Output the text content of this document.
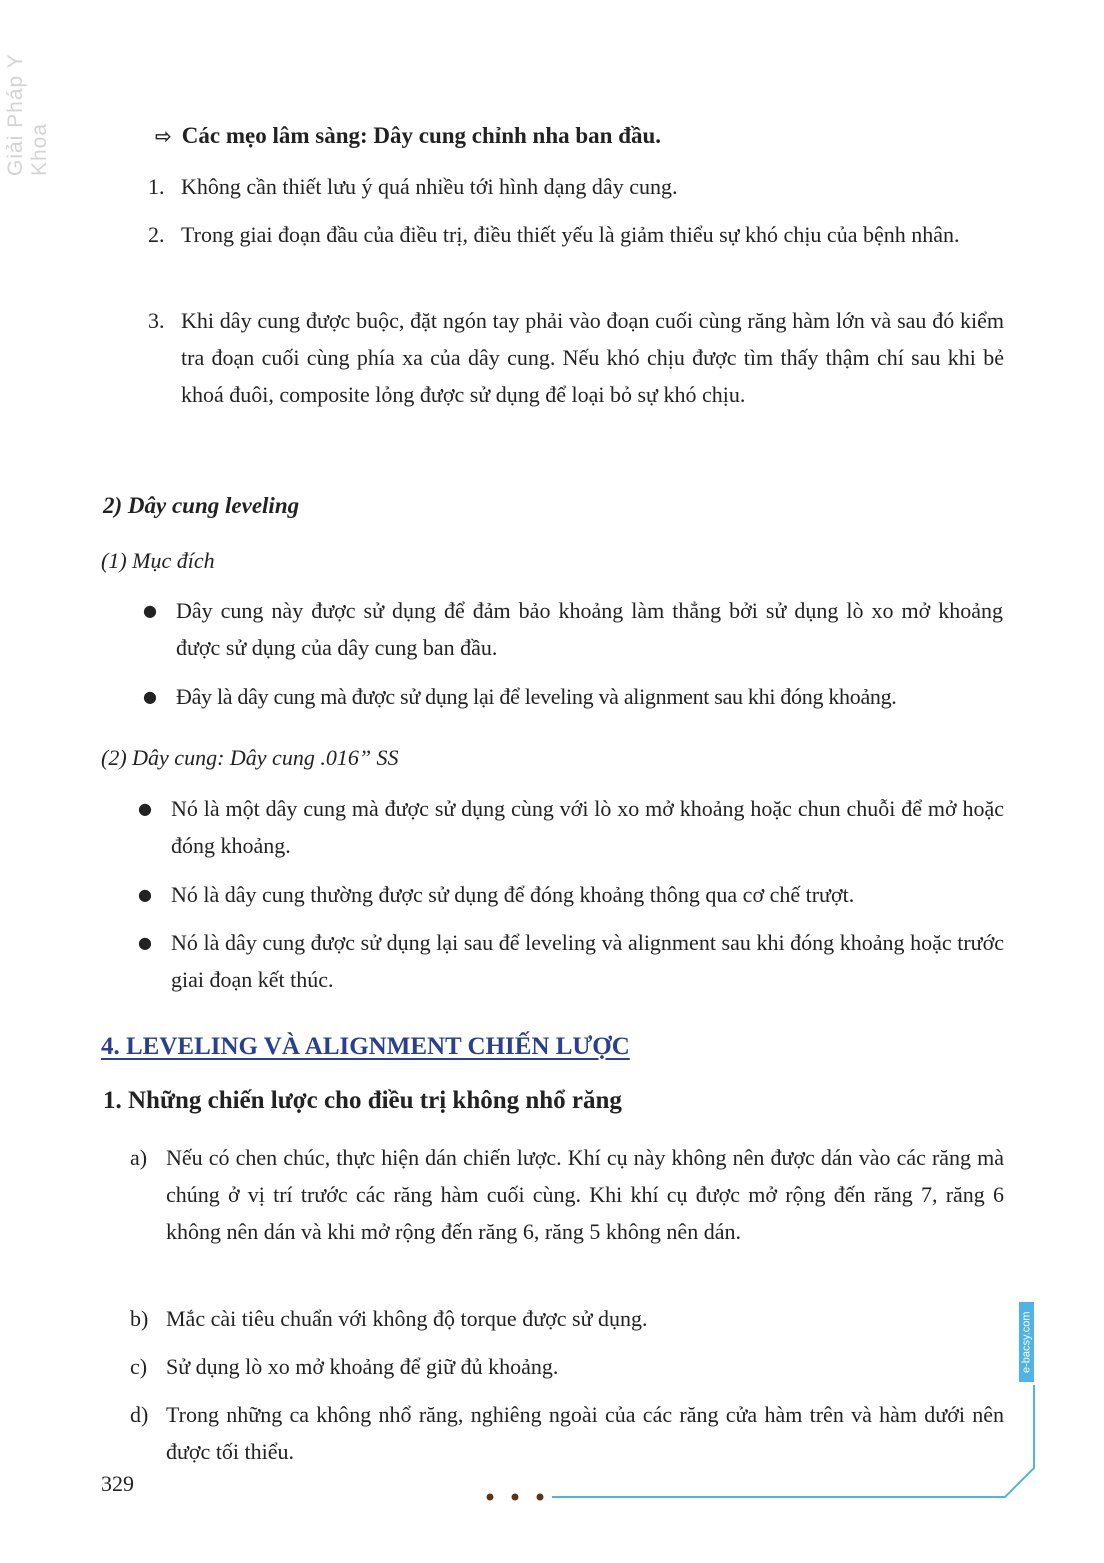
Giải Pháp Y Khoa	⇨ Các mẹo lâm sàng: Dây cung chỉnh nha ban đầu.
1. Không cần thiết lưu ý quá nhiều tới hình dạng dây cung.
2. Trong giai đoạn đầu của điều trị, điều thiết yếu là giảm thiểu sự khó chịu của bệnh nhân.
3. Khi dây cung được buộc, đặt ngón tay phải vào đoạn cuối cùng răng hàm lớn và sau đó kiểm tra đoạn cuối cùng phía xa của dây cung. Nếu khó chịu được tìm thấy thậm chí sau khi bẻ khoá đuôi, composite lỏng được sử dụng để loại bỏ sự khó chịu.
2) Dây cung leveling
(1) Mục đích
● Dây cung này được sử dụng để đảm bảo khoảng làm thẳng bởi sử dụng lò xo mở khoảng được sử dụng của dây cung ban đầu.
● Đây là dây cung mà được sử dụng lại để leveling và alignment sau khi đóng khoảng.
(2) Dây cung: Dây cung .016” SS
● Nó là một dây cung mà được sử dụng cùng với lò xo mở khoảng hoặc chun chuỗi để mở hoặc đóng khoảng.
● Nó là dây cung thường được sử dụng để đóng khoảng thông qua cơ chế trượt.
● Nó là dây cung được sử dụng lại sau để leveling và alignment sau khi đóng khoảng hoặc trước giai đoạn kết thúc.
4. LEVELING VÀ ALIGNMENT CHIẾN LƯỢC
1. Những chiến lược cho điều trị không nhổ răng
a) Nếu có chen chúc, thực hiện dán chiến lược. Khí cụ này không nên được dán vào các răng mà chúng ở vị trí trước các răng hàm cuối cùng. Khi khí cụ được mở rộng đến răng 7, răng 6 không nên dán và khi mở rộng đến răng 6, răng 5 không nên dán.
b) Mắc cài tiêu chuẩn với không độ torque được sử dụng.
c) Sử dụng lò xo mở khoảng để giữ đủ khoảng.
d) Trong những ca không nhổ răng, nghiêng ngoài của các răng cửa hàm trên và hàm dưới nên được tối thiểu.
e-bacsy.com
329
